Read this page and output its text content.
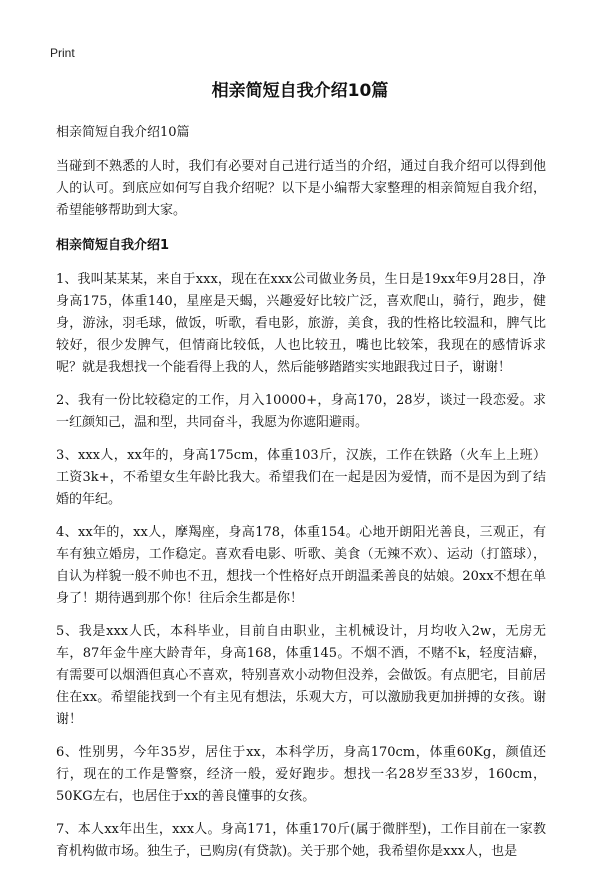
Print
相亲简短自我介绍10篇

相亲简短自我介绍10篇

当碰到不熟悉的人时，我们有必要对自己进行适当的介绍，通过自我介绍可以得到他人的认可。到底应如何写自我介绍呢？以下是小编帮大家整理的相亲简短自我介绍，希望能够帮助到大家。

相亲简短自我介绍1

1、我叫某某某，来自于xxx，现在在xxx公司做业务员，生日是19xx年9月28日，净身高175，体重140，星座是天蝎，兴趣爱好比较广泛，喜欢爬山，骑行，跑步，健身，游泳，羽毛球，做饭，听歌，看电影，旅游，美食，我的性格比较温和，脾气比较好，很少发脾气，但情商比较低，人也比较丑，嘴也比较笨，我现在的感情诉求呢？就是我想找一个能看得上我的人，然后能够踏踏实实地跟我过日子，谢谢！

2、我有一份比较稳定的工作，月入10000+，身高170，28岁，谈过一段恋爱。求一红颜知己，温和型，共同奋斗，我愿为你遮阳避雨。

3、xxx人，xx年的，身高175cm，体重103斤，汉族，工作在铁路（火车上上班）工资3k+，不希望女生年龄比我大。希望我们在一起是因为爱情，而不是因为到了结婚的年纪。

4、xx年的，xx人，摩羯座，身高178，体重154。心地开朗阳光善良，三观正，有车有独立婚房，工作稳定。喜欢看电影、听歌、美食（无辣不欢）、运动（打篮球），自认为样貌一般不帅也不丑，想找一个性格好点开朗温柔善良的姑娘。20xx不想在单身了！期待遇到那个你！往后余生都是你！

5、我是xxx人氏，本科毕业，目前自由职业，主机械设计，月均收入2w，无房无车，87年金牛座大龄青年，身高168，体重145。不烟不酒，不赌不k，轻度洁癖，有需要可以烟酒但真心不喜欢，特别喜欢小动物但没养，会做饭。有点肥宅，目前居住在xx。希望能找到一个有主见有想法，乐观大方，可以激励我更加拼搏的女孩。谢谢！

6、性别男，今年35岁，居住于xx，本科学历，身高170cm，体重60Kg，颜值还行，现在的工作是警察，经济一般，爱好跑步。想找一名28岁至33岁，160cm，50KG左右，也居住于xx的善良懂事的女孩。

7、本人xx年出生，xxx人。身高171，体重170斤(属于微胖型)，工作目前在一家教育机构做市场。独生子，已购房(有贷款)。关于那个她，我希望你是xxx人，也是
